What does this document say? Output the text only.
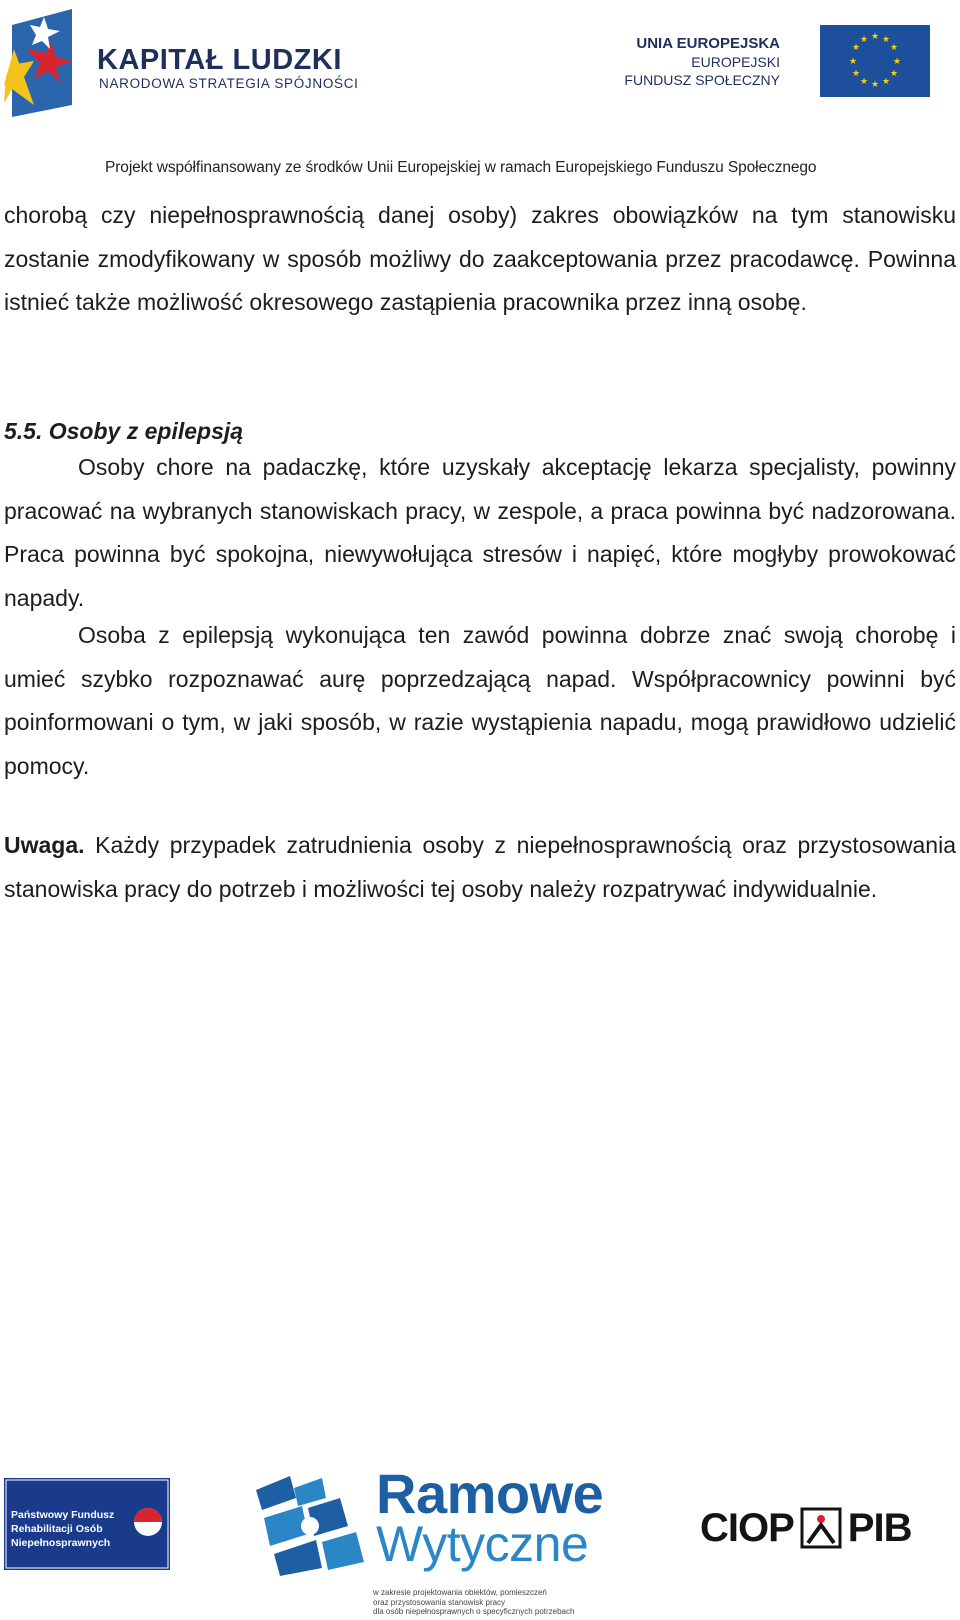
KAPITAŁ LUDZKI
NARODOWA STRATEGIA SPÓJNOŚCI
UNIA EUROPEJSKA
EUROPEJSKI
FUNDUSZ SPOŁECZNY
★ ★
★
★
★
★
★
★
★
★
★
★
Projekt współfinansowany ze środków Unii Europejskiej w ramach Europejskiego Funduszu Społecznego
chorobą czy niepełnosprawnością danej osoby) zakres obowiązków na tym stanowisku zostanie zmodyfikowany w sposób możliwy do zaakceptowania przez pracodawcę. Powinna istnieć także możliwość okresowego zastąpienia pracownika przez inną osobę.
5.5. Osoby z epilepsją
Osoby chore na padaczkę, które uzyskały akceptację lekarza specjalisty, powinny pracować na wybranych stanowiskach pracy, w zespole, a praca powinna być nadzorowana. Praca powinna być spokojna, niewywołująca stresów i napięć, które mogłyby prowokować napady.
Osoba z epilepsją wykonująca ten zawód powinna dobrze znać swoją chorobę i umieć szybko rozpoznawać aurę poprzedzającą napad. Współpracownicy powinni być poinformowani o tym, w jaki sposób, w razie wystąpienia napadu, mogą prawidłowo udzielić pomocy.
Uwaga. Każdy przypadek zatrudnienia osoby z niepełnosprawnością oraz przystosowania stanowiska pracy do potrzeb i możliwości tej osoby należy rozpatrywać indywidualnie.
Państwowy Fundusz
Rehabilitacji Osób
Niepełnosprawnych
Ramowe
Wytyczne
w zakresie projektowania obiektów, pomieszczeń
oraz przystosowania stanowisk pracy
dla osób niepełnosprawnych o specyficznych potrzebach
CIOP PIB
